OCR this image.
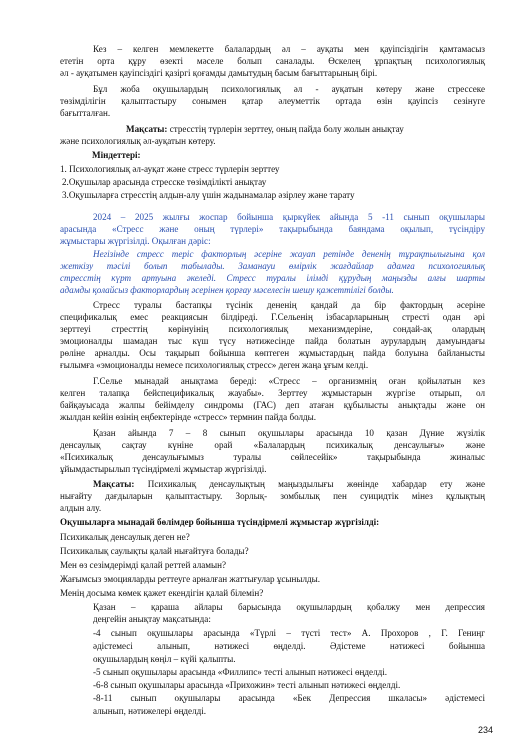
Кез – келген мемлекетте балалардың әл – ауқаты мен қауіпсіздігін қамтамасыз
ететін орта құру өзекті мәселе болып саналады. Өскелең ұрпақтың психологиялық
әл - ауқатымен қауіпсіздігі қазіргі қоғамды дамытудың басым бағыттарының бірі.
Бұл жоба оқушылардың психологиялық әл - ауқатын көтеру және стрессеке
төзімділігін қалыптастыру сонымен қатар әлеуметтік ортада өзін қауіпсіз сезінуге
бағытталған.
Мақсаты: стресстің түрлерін зерттеу, оның пайда болу жолын анықтау
және психологиялық әл-ауқатын көтеру.
Міндеттері:
1. Психологиялық әл-ауқат және стресс түрлерін зерттеу
2.Оқушылар арасында стресске төзімділікті анықтау
3.Оқушыларға стресстің алдын-алу үшін жадынамалар әзірлеу және тарату
2024 – 2025 жылғы жоспар бойынша қыркүйек айында 5 -11 сынып оқушылары
арасында «Стресс және оның түрлері» тақырыбында баяндама оқылып, түсіндіру
жұмыстары жүргізілді. Оқылған дәріс:
Негізінде стресс теріс факторлың әсеріне жауап ретінде дененің тұрақтылығына қол
жеткізу тәсілі болып табылады. Заманауи өмірлік жағдайлар адамға психологиялық
стресстің күрт артуына әкеледі. Стресс туралы ілімді құрудың маңызды алғы шарты
адамды қолайсыз факторлардың әсерінен қорғау мәселесін шешу қажеттілігі болды.
Стресс туралы бастапқы түсінік дененің қандай да бір фактордың әсеріне
спецификалық емес реакциясын білдіреді. Г.Сельенің ізбасарларының стресті одан әрі
зерттеуі стресттің көрінуінің психологиялық механизмдеріне, сондай-ақ олардың
эмоционалды шамадан тыс күш түсу нәтижесінде пайда болатын аурулардың дамуындағы
рөліне арналды. Осы тақырып бойынша көптеген жұмыстардың пайда болуына байланысты
ғылымға «эмоционалды немесе психологиялық стресс» деген жаңа ұғым келді.
Г.Селье мынадай анықтама береді: «Стресс – организмнің оған қойылатын кез
келген талапқа бейспецификалық жауабы». Зерттеу жұмыстарын жүргізе отырып, ол
байқауысада жалпы бейімделу синдромы (ГАС) деп атаған құбылысты анықтады және он
жылдан кейін өзінің еңбектерінде «стресс» термнин пайда болды.
Қазан айында 7 – 8 сынып оқушылары арасында 10 қазан Дүние жүзілік
денсаулық сақтау күніне орай «Балалардың психикалық денсаулығы» және
«Психикалық денсаулығымыз туралы сөйлесейік» тақырыбында жиналыс
ұйымдастырылып түсіндірмелі жұмыстар жүргізілді.
Мақсаты: Психикалық денсаулықтың маңыздылығы жөнінде хабардар ету және
нығайту дағдыларын қалыптастыру. Зорлық- зомбылық пен суицидтік мінез құлықтың
алдын алу.
Оқушыларға мынадай бөлімдер бойынша түсіндірмелі жұмыстар жүргізілді:
Психикалық денсаулық деген не?
Психикалық саулықты қалай нығайтуға болады?
Мен өз сезімдерімді қалай реттей аламын?
Жағымсыз эмоцияларды реттеуге арналған жаттығулар ұсынылды.
Менің досыма көмек қажет екендігін қалай білемін?
Қазан – қараша айлары барысында оқушылардың қобалжу мен депрессия
деңгейін анықтау мақсатында:
-4 сынып оқушылары арасында «Түрлі – түсті тест» А. Прохоров , Г. Гениңг
әдістемесі алынып, нәтижесі өңделді. Әдістеме нәтижесі бойынша
оқушылардың көңіл – күйі қалыпты.
-5 сынып оқушылары арасында «Филлипс» тесті алынып нәтижесі өңделді.
-6-8 сынып оқушылары арасында «Прихожин» тесті алынып нәтижесі өңделді.
-8-11 сынып оқушылары арасында «Бек Депрессия шкаласы» әдістемесі
алынып, нәтижелері өңделді.
234
